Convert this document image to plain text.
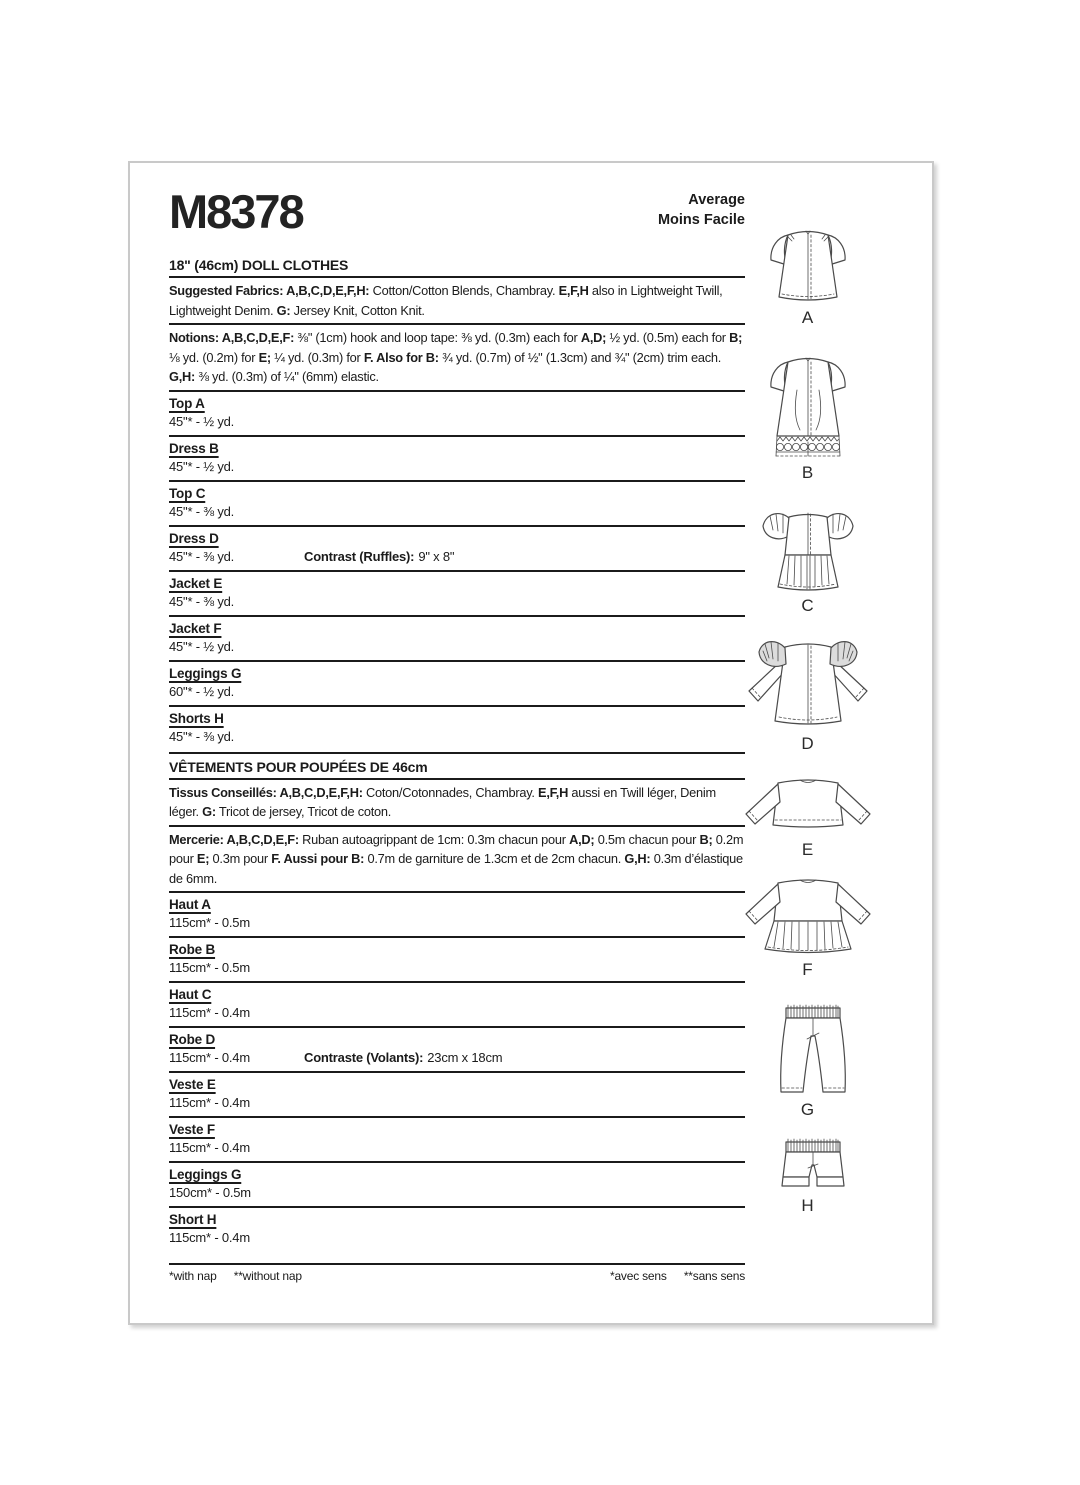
M8378	Average
Moins Facile
18" (46cm) DOLL CLOTHES

Suggested Fabrics: A,B,C,D,E,F,H: Cotton/Cotton Blends, Chambray. E,F,H also in Lightweight Twill, Lightweight Denim. G: Jersey Knit, Cotton Knit.

Notions: A,B,C,D,E,F: ⅜" (1cm) hook and loop tape: ⅜ yd. (0.3m) each for A,D; ½ yd. (0.5m) each for B; ⅛ yd. (0.2m) for E; ¼ yd. (0.3m) for F. Also for B: ¾ yd. (0.7m) of ½" (1.3cm) and ¾" (2cm) trim each. G,H: ⅜ yd. (0.3m) of ¼" (6mm) elastic.

Top A
45"* - ½ yd.
Dress B
45"* - ½ yd.
Top C
45"* - ⅜ yd.
Dress D
45"* - ⅜ yd.	Contrast (Ruffles): 9" x 8"
Jacket E
45"* - ⅜ yd.
Jacket F
45"* - ½ yd.
Leggings G
60"* - ½ yd.
Shorts H
45"* - ⅜ yd.
VÊTEMENTS POUR POUPÉES DE 46cm

Tissus Conseillés: A,B,C,D,E,F,H: Coton/Cotonnades, Chambray. E,F,H aussi en Twill léger, Denim léger. G: Tricot de jersey, Tricot de coton.

Mercerie: A,B,C,D,E,F: Ruban autoagrippant de 1cm: 0.3m chacun pour A,D; 0.5m chacun pour B; 0.2m pour E; 0.3m pour F. Aussi pour B: 0.7m de garniture de 1.3cm et de 2cm chacun. G,H: 0.3m d’élastique de 6mm.

Haut A
115cm* - 0.5m
Robe B
115cm* - 0.5m
Haut C
115cm* - 0.4m
Robe D
115cm* - 0.4m	Contraste (Volants): 23cm x 18cm
Veste E
115cm* - 0.4m
Veste F
115cm* - 0.4m
Leggings G
150cm* - 0.5m
Short H
115cm* - 0.4m
*with nap **without nap	*avec sens **sans sens
A
B
C
D
E
F
G
H
